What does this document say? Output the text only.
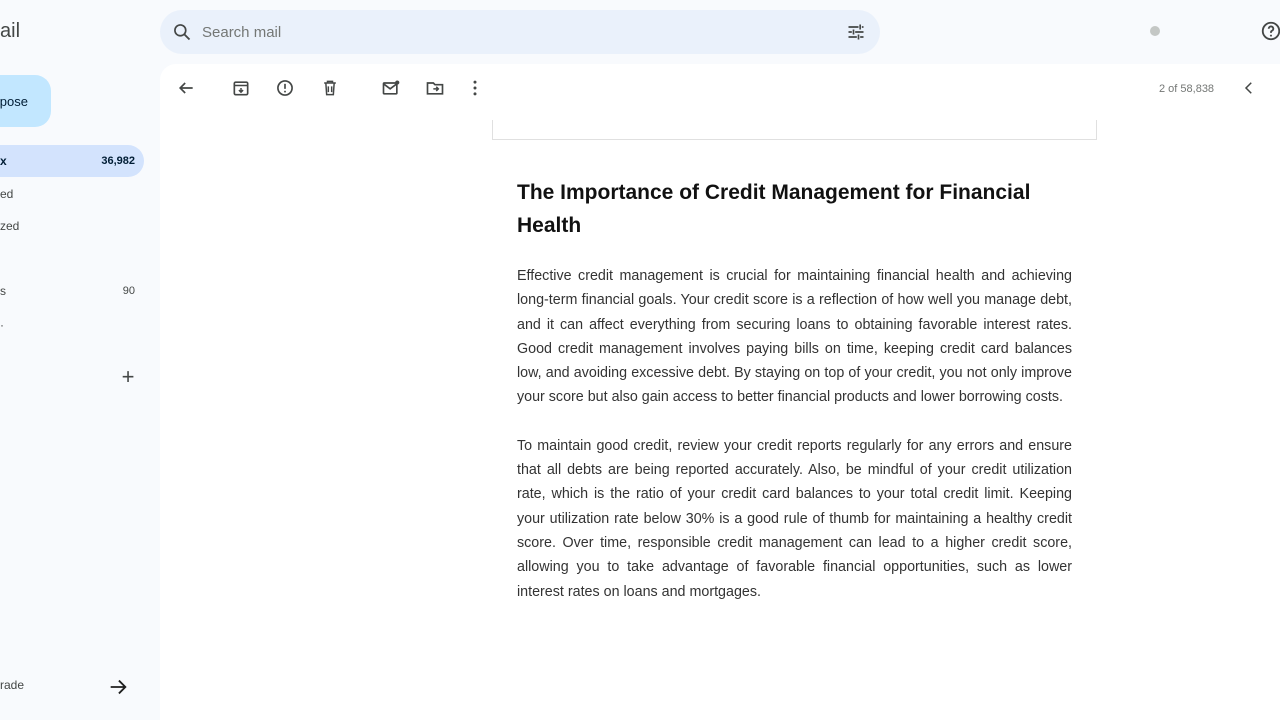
ail
pose
x	36,982
ed
zed
s	90
·
+
rade
Search mail
2 of 58,838
The Importance of Credit Management for Financial Health

Effective credit management is crucial for maintaining financial health and achieving long-term financial goals. Your credit score is a reflection of how well you manage debt, and it can affect everything from securing loans to obtaining favorable interest rates. Good credit management involves paying bills on time, keeping credit card balances low, and avoiding excessive debt. By staying on top of your credit, you not only improve your score but also gain access to better financial products and lower borrowing costs.

To maintain good credit, review your credit reports regularly for any errors and ensure that all debts are being reported accurately. Also, be mindful of your credit utilization rate, which is the ratio of your credit card balances to your total credit limit. Keeping your utilization rate below 30% is a good rule of thumb for maintaining a healthy credit score. Over time, responsible credit management can lead to a higher credit score, allowing you to take advantage of favorable financial opportunities, such as lower interest rates on loans and mortgages.
